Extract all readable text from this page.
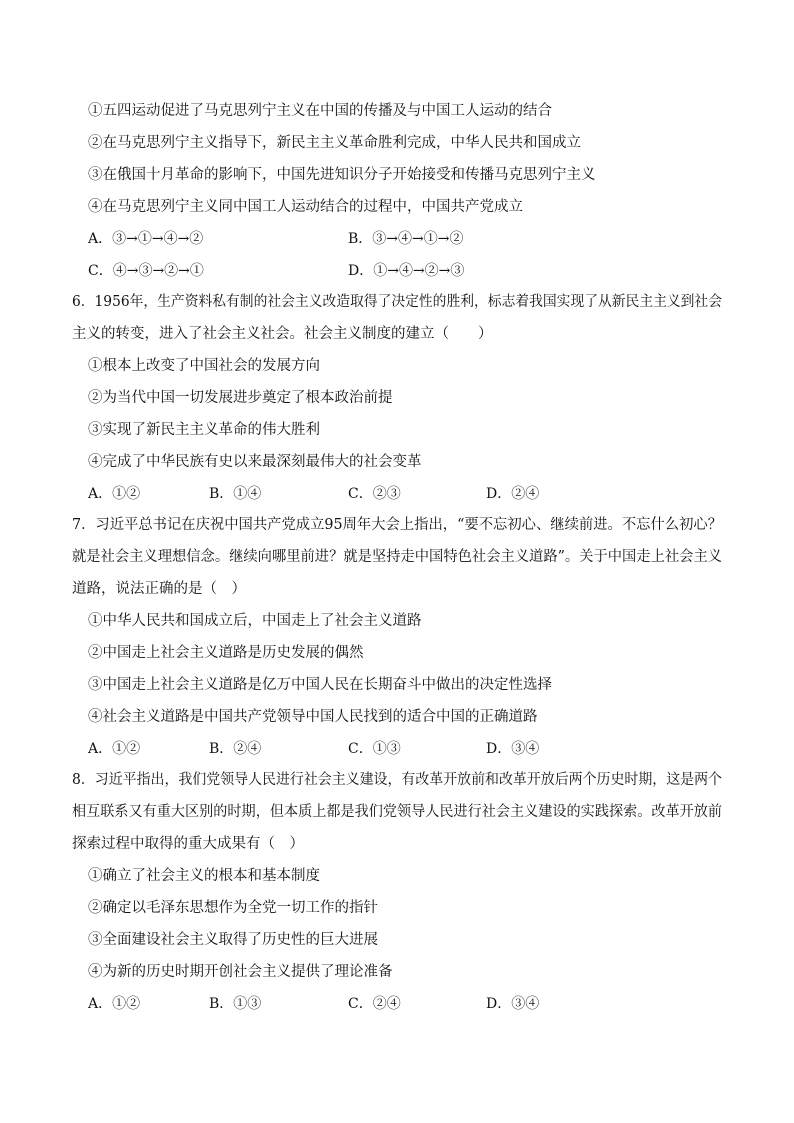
①五四运动促进了马克思列宁主义在中国的传播及与中国工人运动的结合
②在马克思列宁主义指导下，新民主主义革命胜利完成，中华人民共和国成立
③在俄国十月革命的影响下，中国先进知识分子开始接受和传播马克思列宁主义
④在马克思列宁主义同中国工人运动结合的过程中，中国共产党成立
A．③→①→④→②	B．③→④→①→②
C．④→③→②→①	D．①→④→②→③
6．1956年，生产资料私有制的社会主义改造取得了决定性的胜利，标志着我国实现了从新民主主义到社会
主义的转变，进入了社会主义社会。社会主义制度的建立（　　）
①根本上改变了中国社会的发展方向
②为当代中国一切发展进步奠定了根本政治前提
③实现了新民主主义革命的伟大胜利
④完成了中华民族有史以来最深刻最伟大的社会变革
A．①②	B．①④	C．②③	D．②④
7．习近平总书记在庆祝中国共产党成立95周年大会上指出，“要不忘初心、继续前进。不忘什么初心？
就是社会主义理想信念。继续向哪里前进？就是坚持走中国特色社会主义道路”。关于中国走上社会主义
道路，说法正确的是（　）
①中华人民共和国成立后，中国走上了社会主义道路
②中国走上社会主义道路是历史发展的偶然
③中国走上社会主义道路是亿万中国人民在长期奋斗中做出的决定性选择
④社会主义道路是中国共产党领导中国人民找到的适合中国的正确道路
A．①②	B．②④	C．①③	D．③④
8．习近平指出，我们党领导人民进行社会主义建设，有改革开放前和改革开放后两个历史时期，这是两个
相互联系又有重大区别的时期，但本质上都是我们党领导人民进行社会主义建设的实践探索。改革开放前
探索过程中取得的重大成果有（　）
①确立了社会主义的根本和基本制度
②确定以毛泽东思想作为全党一切工作的指针
③全面建设社会主义取得了历史性的巨大进展
④为新的历史时期开创社会主义提供了理论准备
A．①②	B．①③	C．②④	D．③④
